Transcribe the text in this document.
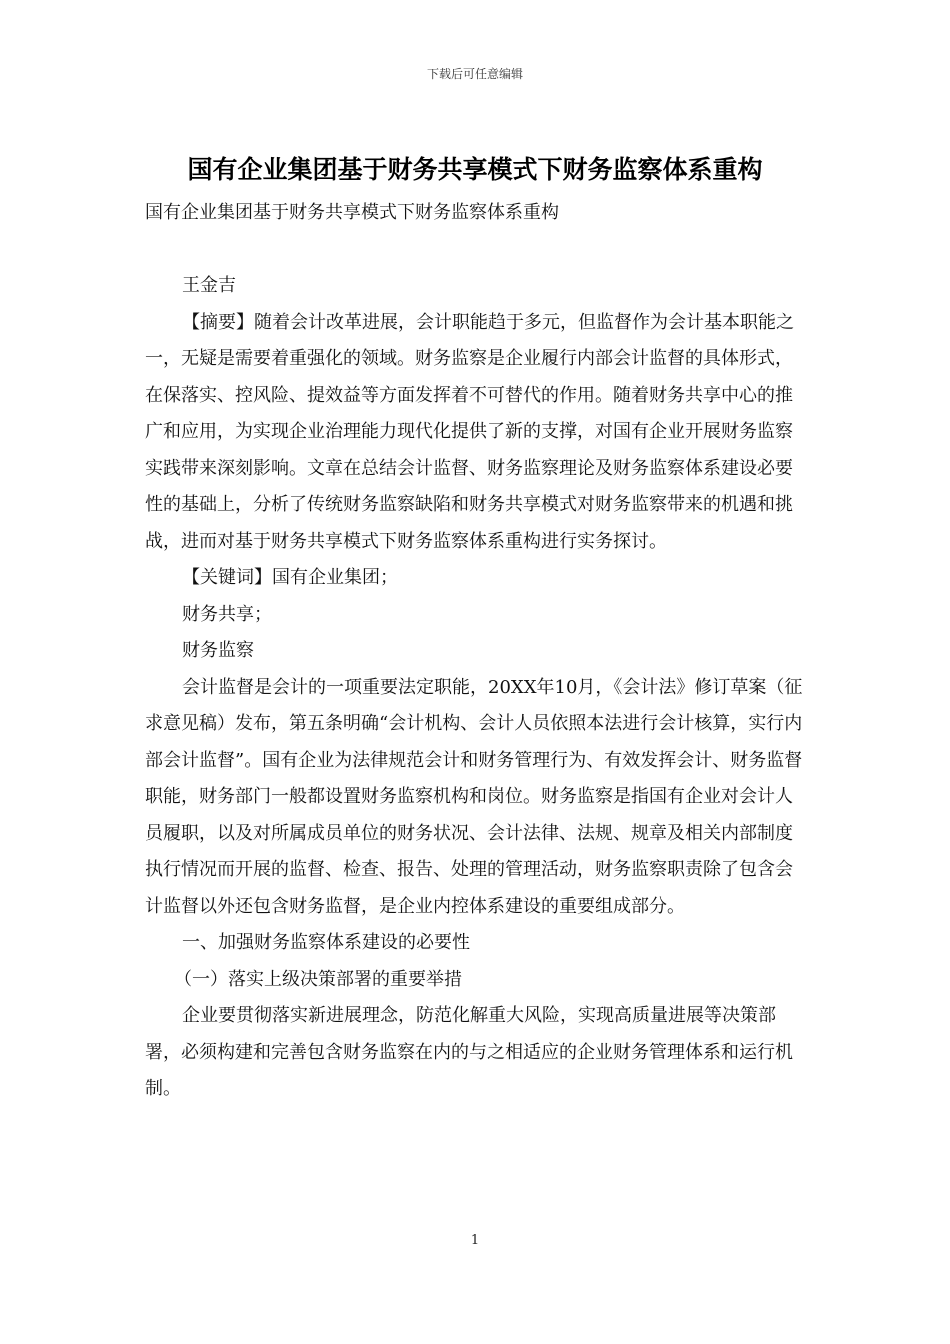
下载后可任意编辑
国有企业集团基于财务共享模式下财务监察体系重构

国有企业集团基于财务共享模式下财务监察体系重构

王金吉

【摘要】随着会计改革进展，会计职能趋于多元，但监督作为会计基本职能之一，无疑是需要着重强化的领域。财务监察是企业履行内部会计监督的具体形式，在保落实、控风险、提效益等方面发挥着不可替代的作用。随着财务共享中心的推广和应用，为实现企业治理能力现代化提供了新的支撑，对国有企业开展财务监察实践带来深刻影响。文章在总结会计监督、财务监察理论及财务监察体系建设必要性的基础上，分析了传统财务监察缺陷和财务共享模式对财务监察带来的机遇和挑战，进而对基于财务共享模式下财务监察体系重构进行实务探讨。

【关键词】国有企业集团；

财务共享；

财务监察

会计监督是会计的一项重要法定职能，20XX年10月，《会计法》修订草案（征求意见稿）发布，第五条明确“会计机构、会计人员依照本法进行会计核算，实行内部会计监督”。国有企业为法律规范会计和财务管理行为、有效发挥会计、财务监督职能，财务部门一般都设置财务监察机构和岗位。财务监察是指国有企业对会计人员履职，以及对所属成员单位的财务状况、会计法律、法规、规章及相关内部制度执行情况而开展的监督、检查、报告、处理的管理活动，财务监察职责除了包含会计监督以外还包含财务监督，是企业内控体系建设的重要组成部分。

一、加强财务监察体系建设的必要性

（一）落实上级决策部署的重要举措

企业要贯彻落实新进展理念，防范化解重大风险，实现高质量进展等决策部署，必须构建和完善包含财务监察在内的与之相适应的企业财务管理体系和运行机制。

1
